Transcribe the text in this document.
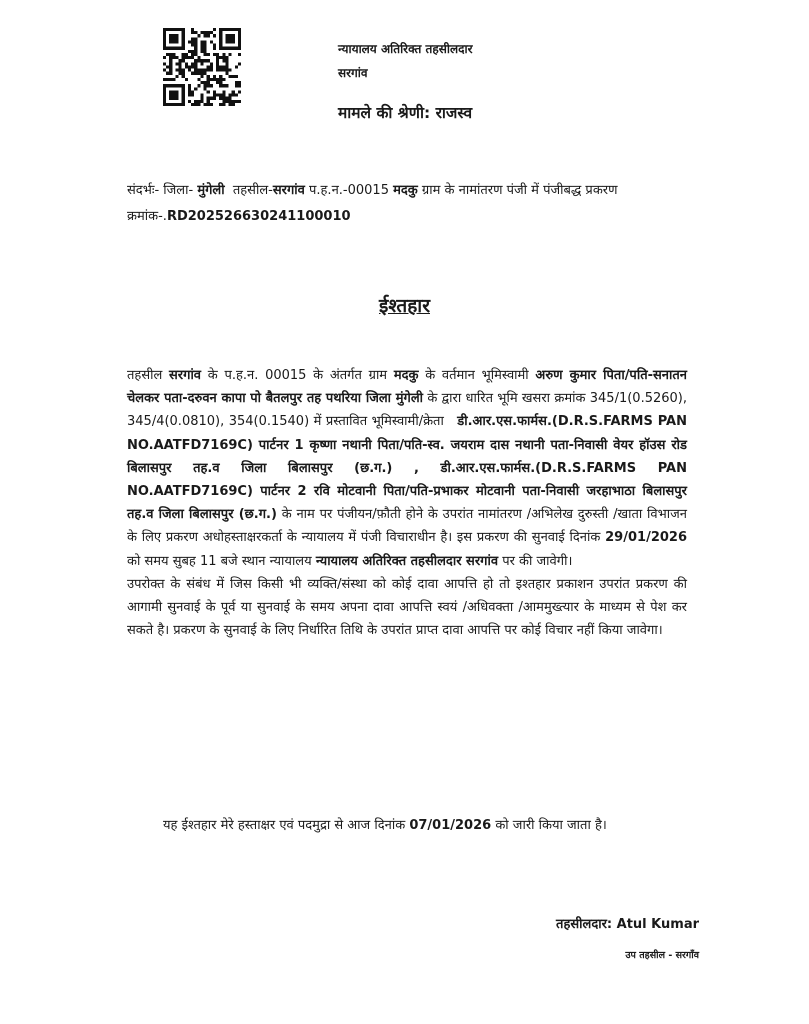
न्यायालय अतिरिक्त तहसीलदार
सरगांव
मामले की श्रेणी: राजस्व
संदर्भः- जिला- मुंगेली तहसील-सरगांव प.ह.न.-00015 मदकु ग्राम के नामांतरण पंजी में पंजीबद्ध प्रकरण क्रमांक-.RD202526630241100010
ईश्तहार

तहसील सरगांव के प.ह.न. 00015 के अंतर्गत ग्राम मदकु के वर्तमान भूमिस्वामी अरुण कुमार पिता/पति-सनातन चेलकर पता-दरुवन कापा पो बैतलपुर तह पथरिया जिला मुंगेली के द्वारा धारित भूमि खसरा क्रमांक 345/1(0.5260), 345/4(0.0810), 354(0.1540) में प्रस्तावित भूमिस्वामी/क्रेता डी.आर.एस.फार्मस.(D.R.S.FARMS PAN NO.AATFD7169C) पार्टनर 1 कृष्णा नथानी पिता/पति-स्व. जयराम दास नथानी पता-निवासी वेयर हॉउस रोड बिलासपुर तह.व जिला बिलासपुर (छ.ग.) , डी.आर.एस.फार्मस.(D.R.S.FARMS PAN NO.AATFD7169C) पार्टनर 2 रवि मोटवानी पिता/पति-प्रभाकर मोटवानी पता-निवासी जरहाभाठा बिलासपुर तह.व जिला बिलासपुर (छ.ग.) के नाम पर पंजीयन/फ़ौती होने के उपरांत नामांतरण /अभिलेख दुरुस्ती /खाता विभाजन के लिए प्रकरण अधोहस्ताक्षरकर्ता के न्यायालय में पंजी विचाराधीन है। इस प्रकरण की सुनवाई दिनांक 29/01/2026 को समय सुबह 11 बजे स्थान न्यायालय न्यायालय अतिरिक्त तहसीलदार सरगांव पर की जावेगी।

उपरोक्त के संबंध में जिस किसी भी व्यक्ति/संस्था को कोई दावा आपत्ति हो तो इश्तहार प्रकाशन उपरांत प्रकरण की आगामी सुनवाई के पूर्व या सुनवाई के समय अपना दावा आपत्ति स्वयं /अधिवक्ता /आममुख्त्यार के माध्यम से पेश कर सकते है। प्रकरण के सुनवाई के लिए निर्धारित तिथि के उपरांत प्राप्त दावा आपत्ति पर कोई विचार नहीं किया जावेगा।

यह ईश्तहार मेरे हस्ताक्षर एवं पदमुद्रा से आज दिनांक 07/01/2026 को जारी किया जाता है।
तहसीलदार: Atul Kumar
उप तहसील - सरगाँव
